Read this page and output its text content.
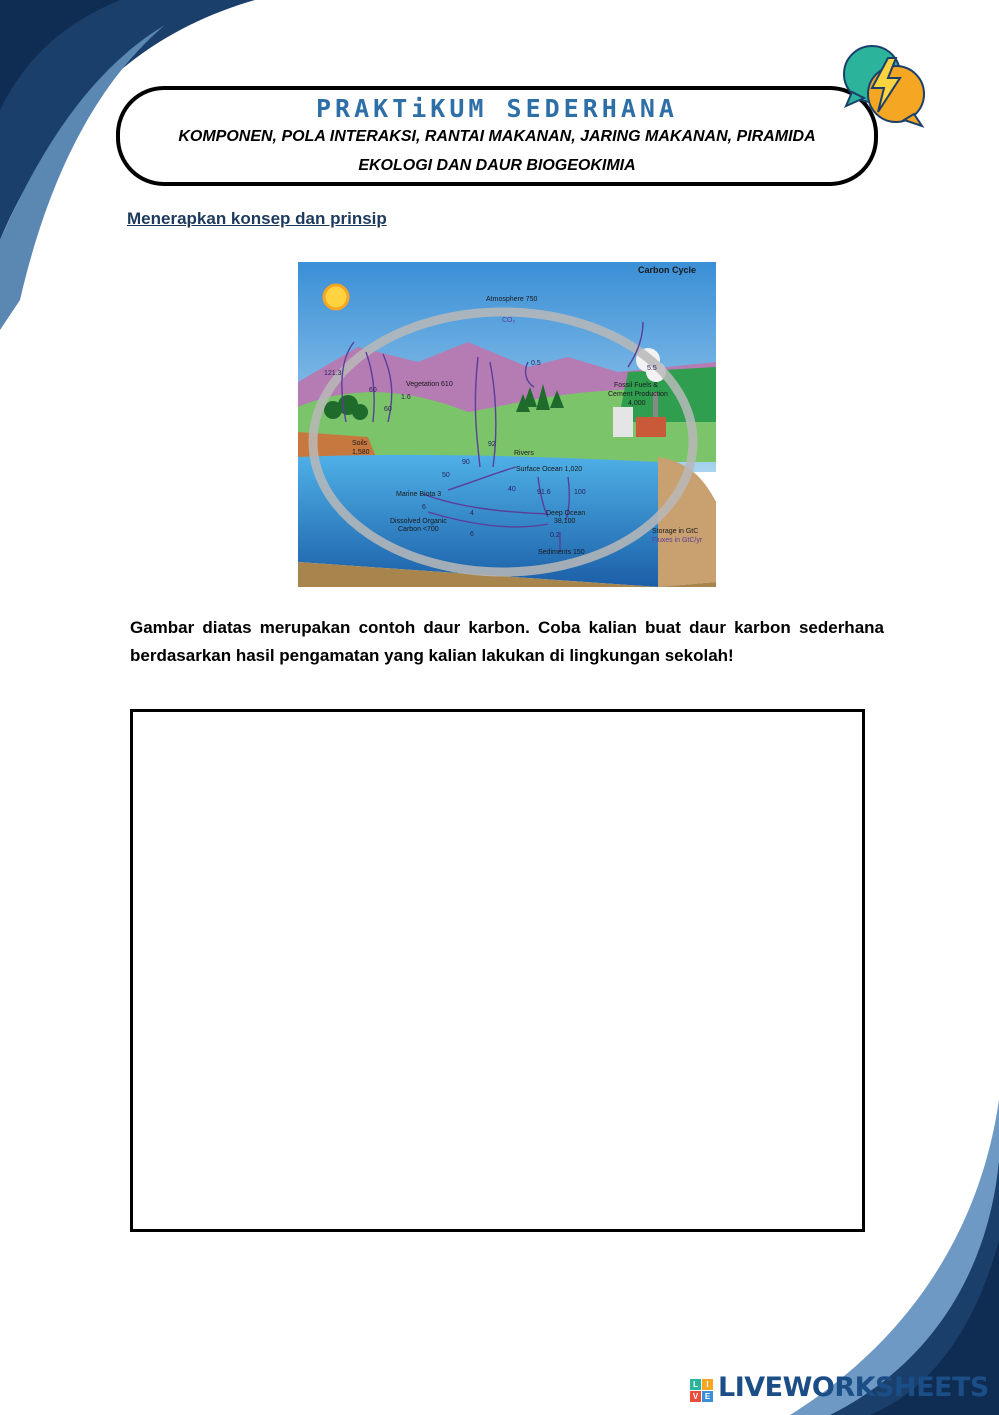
PRAKTiKUM SEDERHANA
KOMPONEN, POLA INTERAKSI, RANTAI MAKANAN, JARING MAKANAN, PIRAMIDA
EKOLOGI DAN DAUR BIOGEOKIMIA
Menerapkan konsep dan prinsip
Carbon Cycle
Atmosphere 750
CO₂
Vegetation 610	Fossil Fuels &
Cement Production
4,000
Soils
1,580	Rivers
Surface Ocean 1,020
Marine Biota 3
Dissolved Organic
Carbon <700
Deep Ocean
38,100
Sediments 150
Storage in GtC
Fluxes in GtC/yr
121.3
60
60
1.6
0.5
5.5
90
92
50
40	91.6	100
6
4
6	0.2
Gambar diatas merupakan contoh daur karbon. Coba kalian buat daur karbon sederhana berdasarkan hasil pengamatan yang kalian lakukan di lingkungan sekolah!
L	I
V E LIVEWORKSHEETS
